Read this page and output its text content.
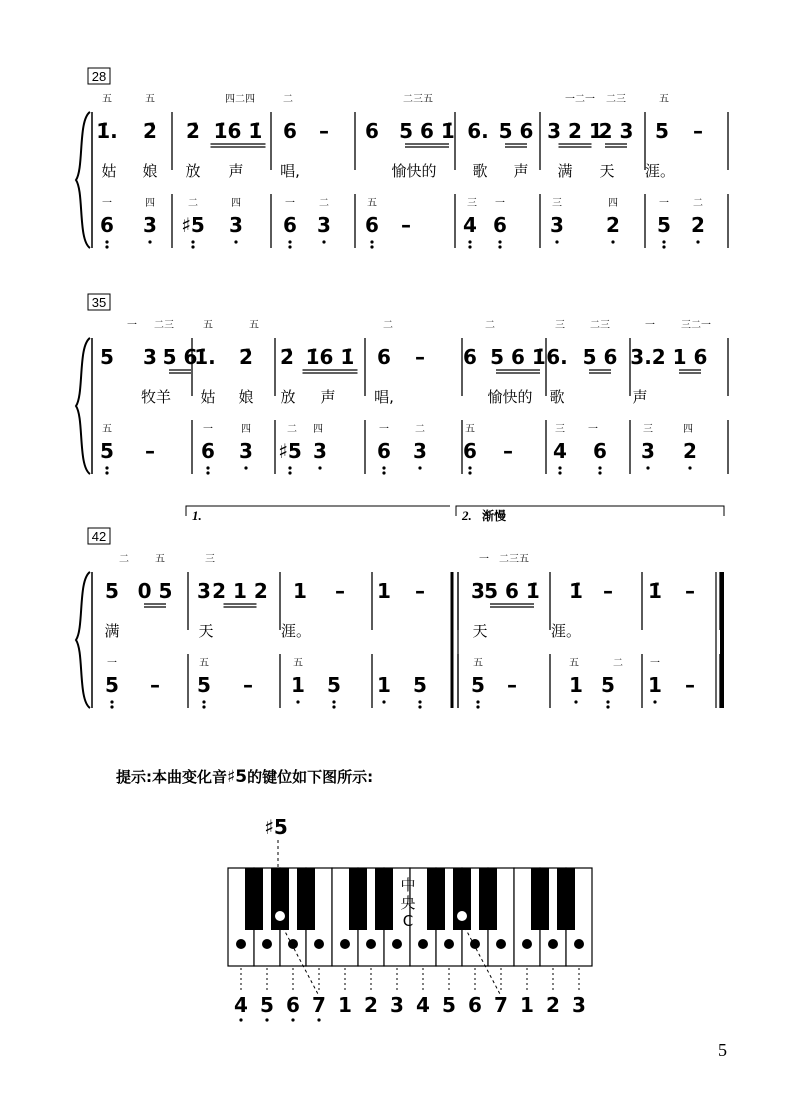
28
五	五	四二四	二	二三五	一二一 二三	五
1̇. 2̇ 2̇ 1̇6 1̇ 6 – 6 5 6 1̇ 6. 5 6 3 2 1
2 3 5 –
姑 娘 放 声 唱,	愉快的 歌 声 满 天 涯。
一	四	二	四	一 二	五	三 一	三	四	一 二
6 3 ♯5 3 6 3 6 –	4 6 3 2 5 2
35
一 二三	五	五	二	二	三	二三	一	三二一
5 3 5 6
1̇. 2̇ 2̇ 1̇6 1̇ 6 – 6 5 6 1̇ 6. 5 6 3.2 1 6
牧羊 姑 娘 放 声	唱,	愉快的 歌	声
五	一	四	二 四	一	二	五	三 一	三	四
5 – 6 3 ♯5 3	6 3 6 – 4 6 3 2
42
1.	2. 渐慢
二	五	三	一 二三五
5 0 5 3 2 1 2 1 – 1 – 3 5 6 1̇ 1̇ – 1̇ –
满	天	涯。	天	涯。
一	五	五	五	五	二	一
5 – 5 – 1 5 1 5 5 –	1 5 1 –
4 5 6 7 1 2 3 4 5 6 7 1 2 3
♯5
中
央
C
提示:本曲变化音♯5的键位如下图所示:
5
